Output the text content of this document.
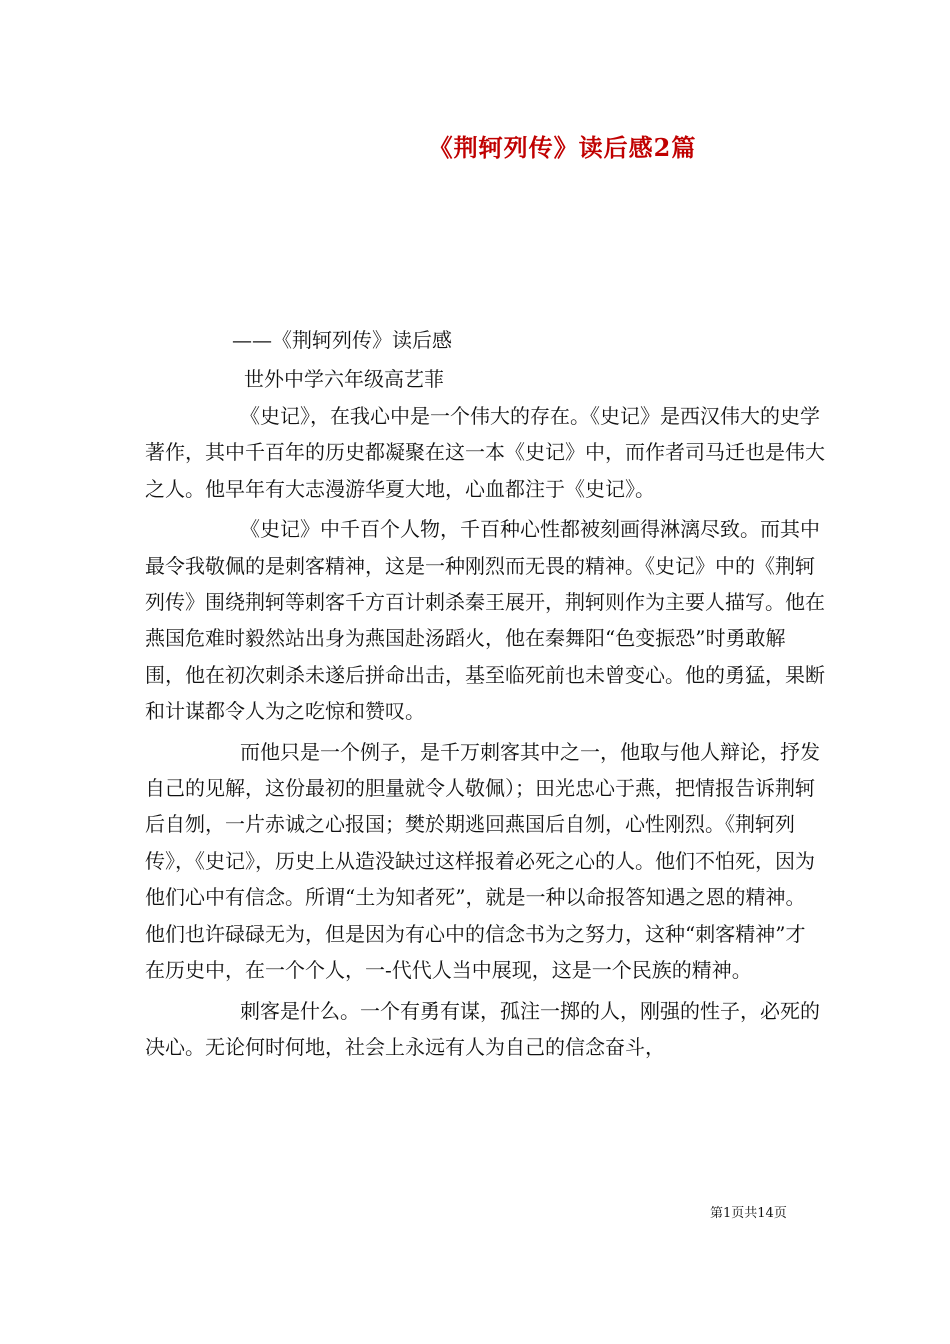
《荆轲列传》读后感2篇
——《荆轲列传》读后感
世外中学六年级高艺菲

《史记》，在我心中是一个伟大的存在。《史记》是西汉伟大的史学著作，其中千百年的历史都凝聚在这一本《史记》中，而作者司马迁也是伟大之人。他早年有大志漫游华夏大地，心血都注于《史记》。

《史记》中千百个人物，千百种心性都被刻画得淋漓尽致。而其中最令我敬佩的是刺客精神，这是一种刚烈而无畏的精神。《史记》中的《荆轲列传》围绕荆轲等刺客千方百计刺杀秦王展开，荆轲则作为主要人描写。他在燕国危难时毅然站出身为燕国赴汤蹈火，他在秦舞阳“色变振恐”时勇敢解围，他在初次刺杀未遂后拼命出击，基至临死前也未曾变心。他的勇猛，果断和计谋都令人为之吃惊和赞叹。

而他只是一个例子，是千万刺客其中之一，他取与他人辩论，抒发自己的见解，这份最初的胆量就令人敬佩）；田光忠心于燕，把情报告诉荆轲后自刎，一片赤诚之心报国；樊於期逃回燕国后自刎，心性刚烈。《荆轲列传》，《史记》，历史上从造没缺过这样报着必死之心的人。他们不怕死，因为他们心中有信念。所谓“土为知者死”，就是一种以命报答知遇之恩的精神。他们也许碌碌无为，但是因为有心中的信念书为之努力，这种“刺客精神”才在历史中，在一个个人，一-代代人当中展现，这是一个民族的精神。

刺客是什么。一个有勇有谋，孤注一掷的人，刚强的性子，必死的决心。无论何时何地，社会上永远有人为自己的信念奋斗，

第1页共14页
